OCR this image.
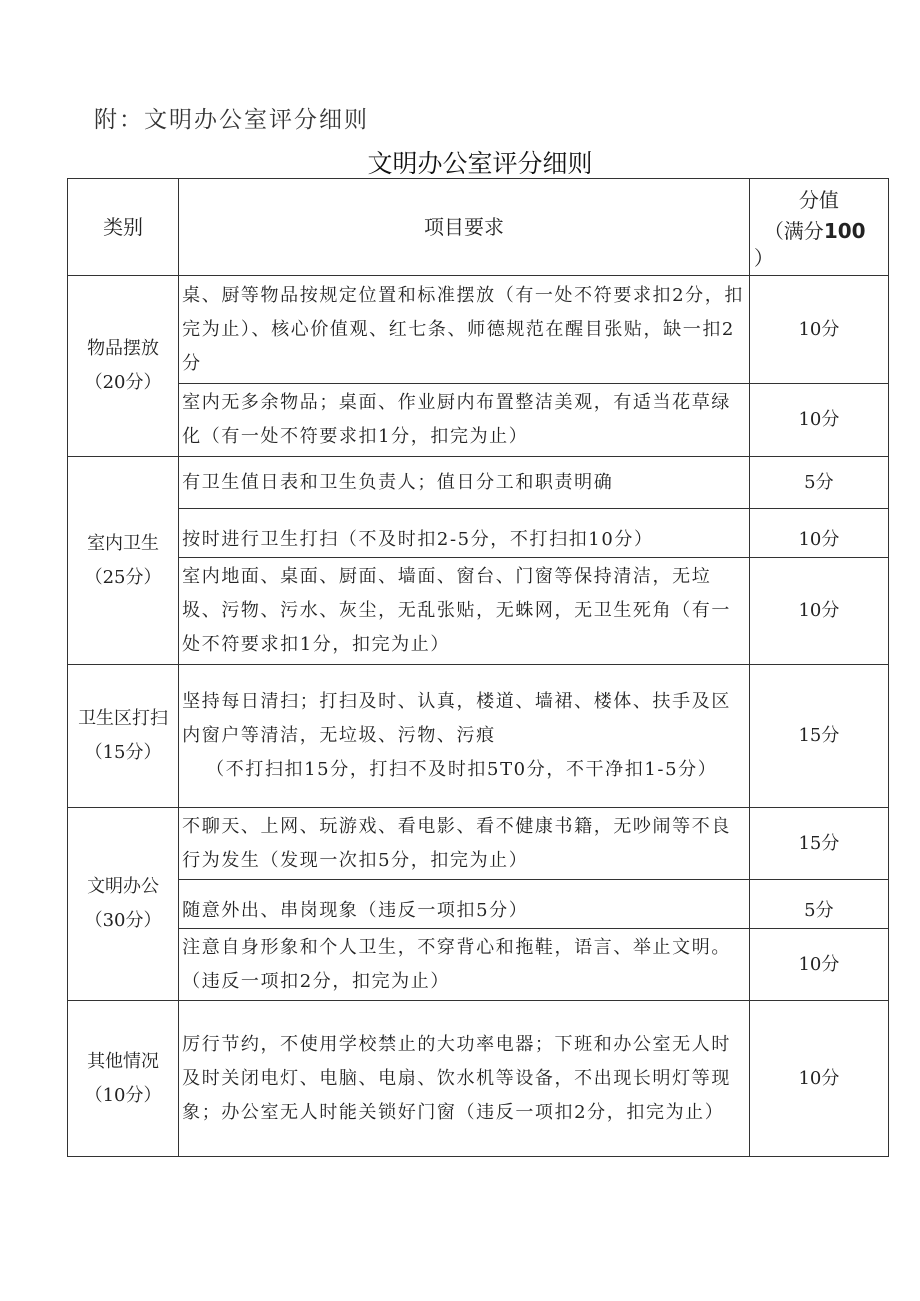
附：文明办公室评分细则
文明办公室评分细则
类别	项目要求	分值
（满分100
）

物品摆放（20分）	桌、厨等物品按规定位置和标准摆放（有一处不符要求扣2分，扣完为止）、核心价值观、红七条、师德规范在醒目张贴，缺一扣2分	10分
	室内无多余物品；桌面、作业厨内布置整洁美观，有适当花草绿化（有一处不符要求扣1分，扣完为止）	10分
室内卫生（25分）	有卫生值日表和卫生负责人；值日分工和职责明确	5分
	按时进行卫生打扫（不及时扣2-5分，不打扫扣10分）	10分
	室内地面、桌面、厨面、墙面、窗台、门窗等保持清洁，无垃圾、污物、污水、灰尘，无乱张贴，无蛛网，无卫生死角（有一处不符要求扣1分，扣完为止）	10分
卫生区打扫（15分）	坚持每日清扫；打扫及时、认真，楼道、墙裙、楼体、扶手及区内窗户等清洁，无垃圾、污物、污痕
（不打扫扣15分，打扫不及时扣5T0分，不干净扣1-5分）	15分
文明办公（30分）	不聊天、上网、玩游戏、看电影、看不健康书籍，无吵闹等不良行为发生（发现一次扣5分，扣完为止）	15分
	随意外出、串岗现象（违反一项扣5分）	5分
	注意自身形象和个人卫生，不穿背心和拖鞋，语言、举止文明。（违反一项扣2分，扣完为止）	10分
其他情况（10分）	厉行节约，不使用学校禁止的大功率电器；下班和办公室无人时及时关闭电灯、电脑、电扇、饮水机等设备，不出现长明灯等现象；办公室无人时能关锁好门窗（违反一项扣2分，扣完为止）	10分
